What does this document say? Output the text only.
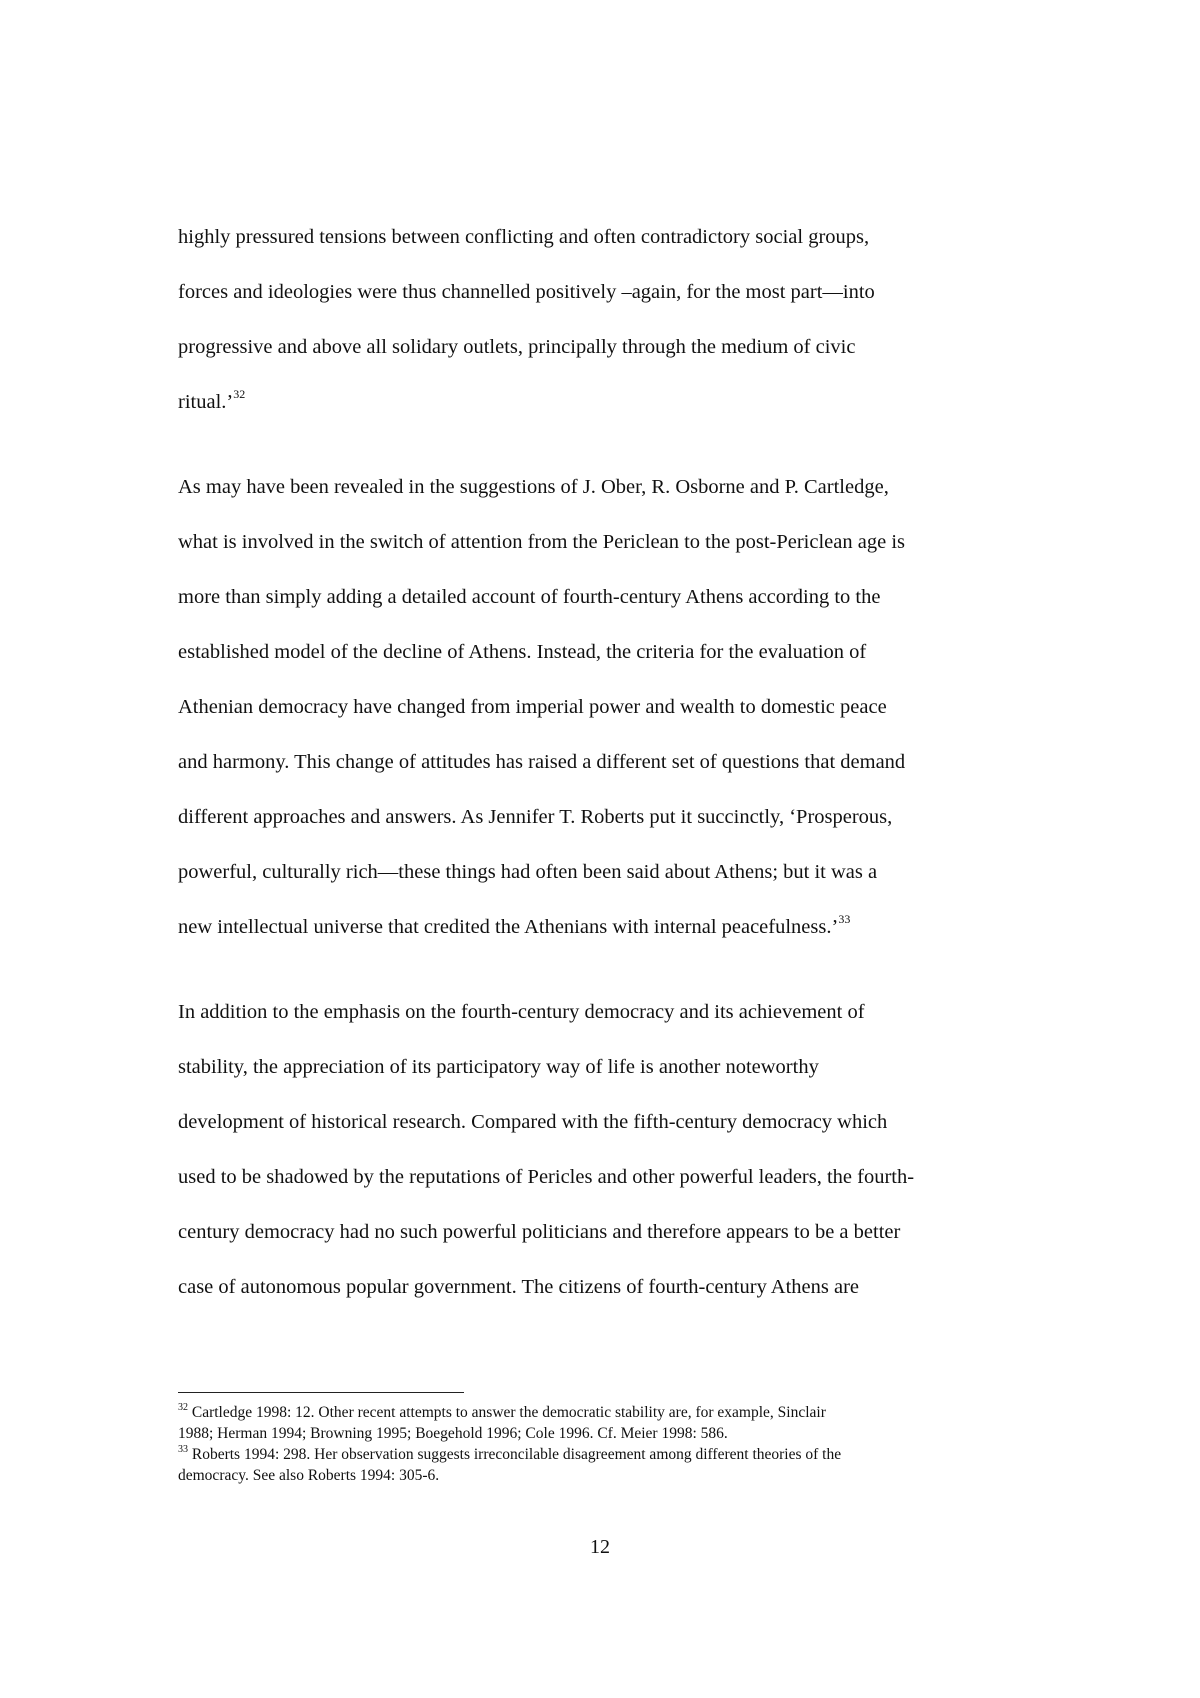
highly pressured tensions between conflicting and often contradictory social groups,
forces and ideologies were thus channelled positively –again, for the most part—into
progressive and above all solidary outlets, principally through the medium of civic
ritual.’$^{32}$
As may have been revealed in the suggestions of J. Ober, R. Osborne and P. Cartledge,
what is involved in the switch of attention from the Periclean to the post-Periclean age is
more than simply adding a detailed account of fourth-century Athens according to the
established model of the decline of Athens. Instead, the criteria for the evaluation of
Athenian democracy have changed from imperial power and wealth to domestic peace
and harmony. This change of attitudes has raised a different set of questions that demand
different approaches and answers. As Jennifer T. Roberts put it succinctly, ‘Prosperous,
powerful, culturally rich—these things had often been said about Athens; but it was a
new intellectual universe that credited the Athenians with internal peacefulness.’$^{33}$
In addition to the emphasis on the fourth-century democracy and its achievement of
stability, the appreciation of its participatory way of life is another noteworthy
development of historical research. Compared with the fifth-century democracy which
used to be shadowed by the reputations of Pericles and other powerful leaders, the fourth-
century democracy had no such powerful politicians and therefore appears to be a better
case of autonomous popular government. The citizens of fourth-century Athens are
$^{32}$ Cartledge 1998: 12. Other recent attempts to answer the democratic stability are, for example, Sinclair
1988; Herman 1994; Browning 1995; Boegehold 1996; Cole 1996. Cf. Meier 1998: 586.
$^{33}$ Roberts 1994: 298. Her observation suggests irreconcilable disagreement among different theories of the
democracy. See also Roberts 1994: 305-6.
12
